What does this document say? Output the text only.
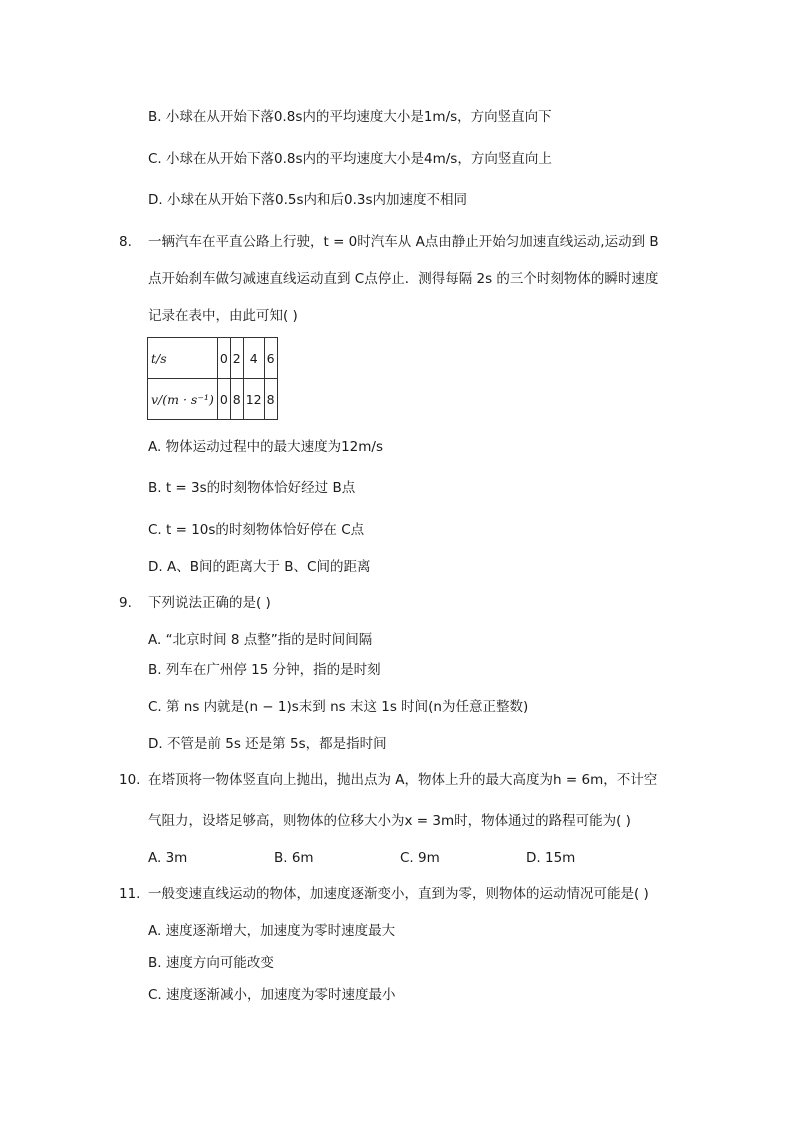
B. 小球在从开始下落0.8s内的平均速度大小是1m/s，方向竖直向下
C. 小球在从开始下落0.8s内的平均速度大小是4m/s，方向竖直向上
D. 小球在从开始下落0.5s内和后0.3s内加速度不相同
8.	一辆汽车在平直公路上行驶，t = 0时汽车从 A点由静止开始匀加速直线运动,运动到 B
点开始刹车做匀减速直线运动直到 C点停止．测得每隔 2s 的三个时刻物体的瞬时速度
记录在表中，由此可知( )
t/s	0	2	4	6
v/(m · s⁻¹)	0	8	12	8
A. 物体运动过程中的最大速度为12m/s
B. t = 3s的时刻物体恰好经过 B点
C. t = 10s的时刻物体恰好停在 C点
D. A、B间的距离大于 B、C间的距离
9.	下列说法正确的是( )
A. “北京时间 8 点整”指的是时间间隔
B. 列车在广州停 15 分钟，指的是时刻
C. 第 ns 内就是(n − 1)s末到 ns 末这 1s 时间(n为任意正整数)
D. 不管是前 5s 还是第 5s，都是指时间
10. 在塔顶将一物体竖直向上抛出，抛出点为 A，物体上升的最大高度为h = 6m，不计空
气阻力，设塔足够高，则物体的位移大小为x = 3m时，物体通过的路程可能为( )
A. 3m	B. 6m	C. 9m	D. 15m
11. 一般变速直线运动的物体，加速度逐渐变小，直到为零，则物体的运动情况可能是( )
A. 速度逐渐增大，加速度为零时速度最大
B. 速度方向可能改变
C. 速度逐渐减小，加速度为零时速度最小
